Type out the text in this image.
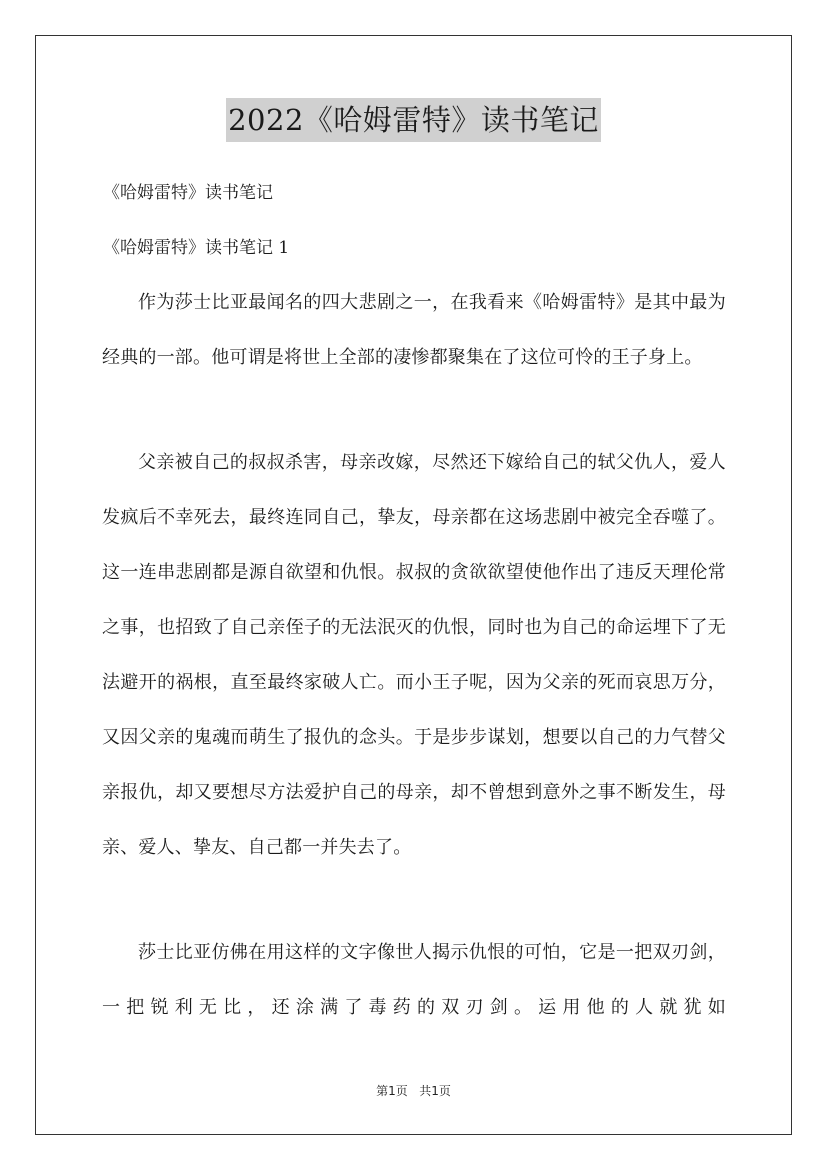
2022《哈姆雷特》读书笔记
《哈姆雷特》读书笔记
《哈姆雷特》读书笔记 1

作为莎士比亚最闻名的四大悲剧之一，在我看来《哈姆雷特》是其中最为经典的一部。他可谓是将世上全部的凄惨都聚集在了这位可怜的王子身上。

父亲被自己的叔叔杀害，母亲改嫁，尽然还下嫁给自己的轼父仇人，爱人发疯后不幸死去，最终连同自己，挚友，母亲都在这场悲剧中被完全吞噬了。这一连串悲剧都是源自欲望和仇恨。叔叔的贪欲欲望使他作出了违反天理伦常之事，也招致了自己亲侄子的无法泯灭的仇恨，同时也为自己的命运埋下了无法避开的祸根，直至最终家破人亡。而小王子呢，因为父亲的死而哀思万分，又因父亲的鬼魂而萌生了报仇的念头。于是步步谋划，想要以自己的力气替父亲报仇，却又要想尽方法爱护自己的母亲，却不曾想到意外之事不断发生，母亲、爱人、挚友、自己都一并失去了。

莎士比亚仿佛在用这样的文字像世人揭示仇恨的可怕，它是一把双刃剑，一把锐利无比，还涂满了毒药的双刃剑。运用他的人就犹如

第1页   共1页
